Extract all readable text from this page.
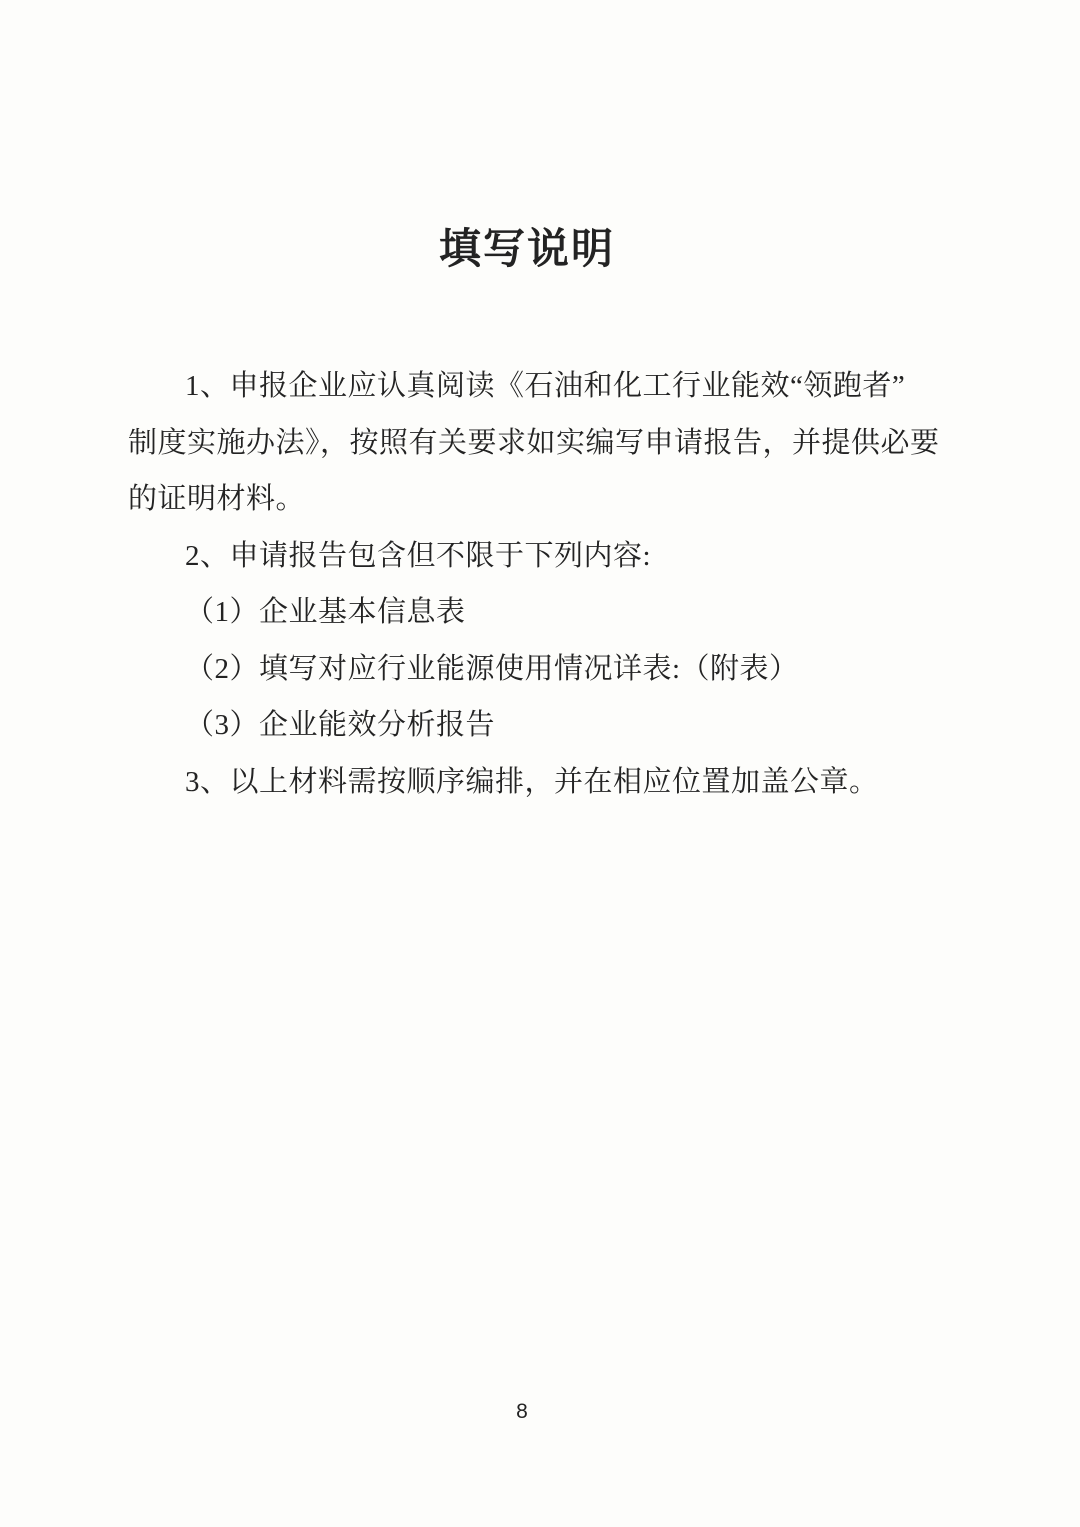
填写说明
1、申报企业应认真阅读《石油和化工行业能效“领跑者”
制度实施办法》，按照有关要求如实编写申请报告，并提供必要
的证明材料。
2、申请报告包含但不限于下列内容:
（1）企业基本信息表
（2）填写对应行业能源使用情况详表:（附表）
（3）企业能效分析报告
3、以上材料需按顺序编排，并在相应位置加盖公章。
8
